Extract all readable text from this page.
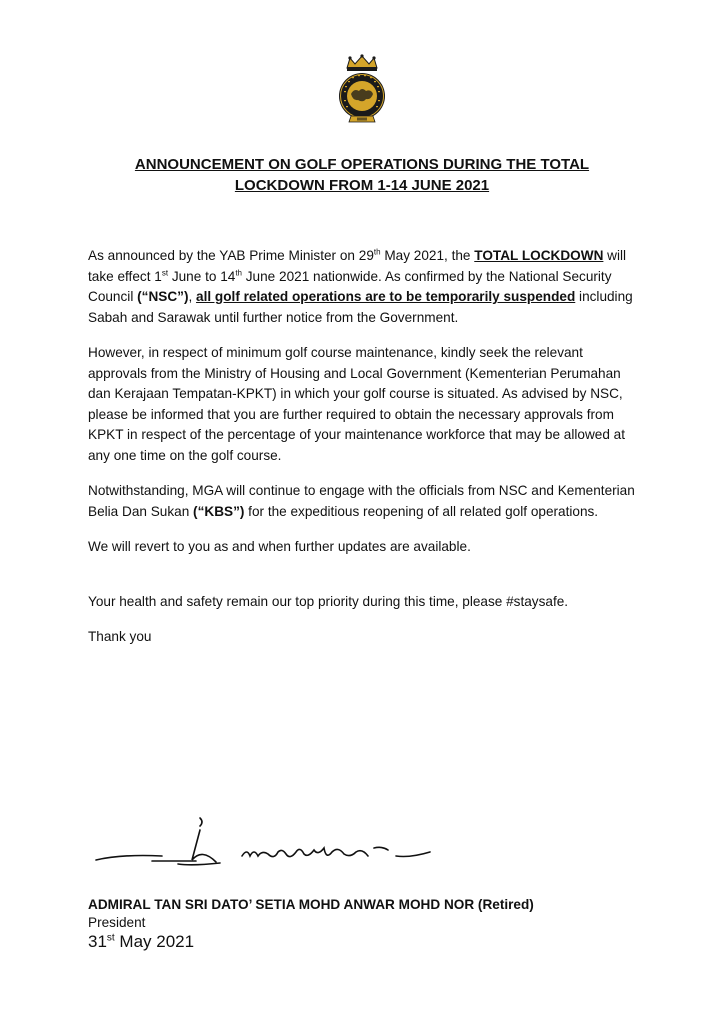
ANNOUNCEMENT ON GOLF OPERATIONS DURING THE TOTAL
LOCKDOWN FROM 1-14 JUNE 2021

As announced by the YAB Prime Minister on 29th May 2021, the TOTAL LOCKDOWN will take effect 1st June to 14th June 2021 nationwide. As confirmed by the National Security Council (“NSC”), all golf related operations are to be temporarily suspended including Sabah and Sarawak until further notice from the Government.

However, in respect of minimum golf course maintenance, kindly seek the relevant approvals from the Ministry of Housing and Local Government (Kementerian Perumahan dan Kerajaan Tempatan-KPKT) in which your golf course is situated. As advised by NSC, please be informed that you are further required to obtain the necessary approvals from KPKT in respect of the percentage of your maintenance workforce that may be allowed at any one time on the golf course.

Notwithstanding, MGA will continue to engage with the officials from NSC and Kementerian Belia Dan Sukan (“KBS”) for the expeditious reopening of all related golf operations.

We will revert to you as and when further updates are available.

Your health and safety remain our top priority during this time, please #staysafe.

Thank you

ADMIRAL TAN SRI DATO’ SETIA MOHD ANWAR MOHD NOR (Retired)
President
31st May 2021
